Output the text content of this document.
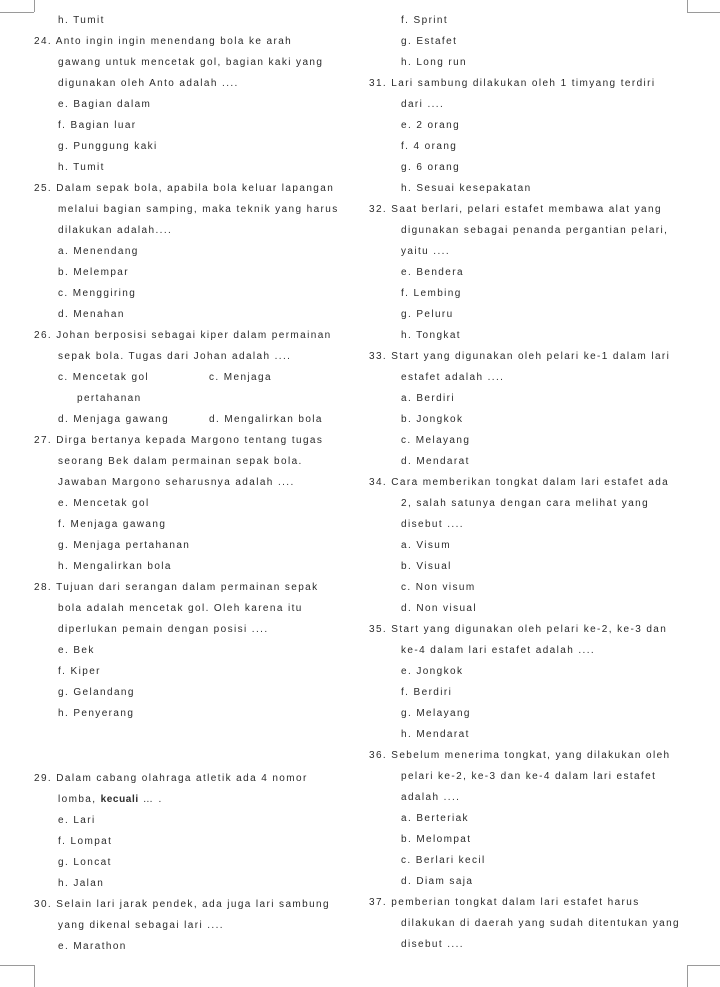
h. Tumit
24. Anto ingin ingin menendang bola ke arah
gawang untuk mencetak gol, bagian kaki yang
digunakan oleh Anto adalah ....
e. Bagian dalam
f. Bagian luar
g. Punggung kaki
h. Tumit
25. Dalam sepak bola, apabila bola keluar lapangan
melalui bagian samping, maka teknik yang harus
dilakukan adalah....
a. Menendang
b. Melempar
c. Menggiring
d. Menahan
26. Johan berposisi sebagai kiper dalam permainan
sepak bola. Tugas dari Johan adalah ....
c. Mencetak gol	c. Menjaga
pertahanan
d. Menjaga gawang	d. Mengalirkan bola
27. Dirga bertanya kepada Margono tentang tugas
seorang Bek dalam permainan sepak bola.
Jawaban Margono seharusnya adalah ....
e. Mencetak gol
f. Menjaga gawang
g. Menjaga pertahanan
h. Mengalirkan bola
28. Tujuan dari serangan dalam permainan sepak
bola adalah mencetak gol. Oleh karena itu
diperlukan pemain dengan posisi ....
e. Bek
f. Kiper
g. Gelandang
h. Penyerang
29. Dalam cabang olahraga atletik ada 4 nomor
lomba, kecuali … .
e. Lari
f. Lompat
g. Loncat
h. Jalan
30. Selain lari jarak pendek, ada juga lari sambung
yang dikenal sebagai lari ....
e. Marathon
f. Sprint
g. Estafet
h. Long run
31. Lari sambung dilakukan oleh 1 timyang terdiri
dari ....
e. 2 orang
f. 4 orang
g. 6 orang
h. Sesuai kesepakatan
32. Saat berlari, pelari estafet membawa alat yang
digunakan sebagai penanda pergantian pelari,
yaitu ....
e. Bendera
f. Lembing
g. Peluru
h. Tongkat
33. Start yang digunakan oleh pelari ke-1 dalam lari
estafet adalah ....
a. Berdiri
b. Jongkok
c. Melayang
d. Mendarat
34. Cara memberikan tongkat dalam lari estafet ada
2, salah satunya dengan cara melihat yang
disebut ....
a. Visum
b. Visual
c. Non visum
d. Non visual
35. Start yang digunakan oleh pelari ke-2, ke-3 dan
ke-4 dalam lari estafet adalah ....
e. Jongkok
f. Berdiri
g. Melayang
h. Mendarat
36. Sebelum menerima tongkat, yang dilakukan oleh
pelari ke-2, ke-3 dan ke-4 dalam lari estafet
adalah ....
a. Berteriak
b. Melompat
c. Berlari kecil
d. Diam saja
37. pemberian tongkat dalam lari estafet harus
dilakukan di daerah yang sudah ditentukan yang
disebut ....
